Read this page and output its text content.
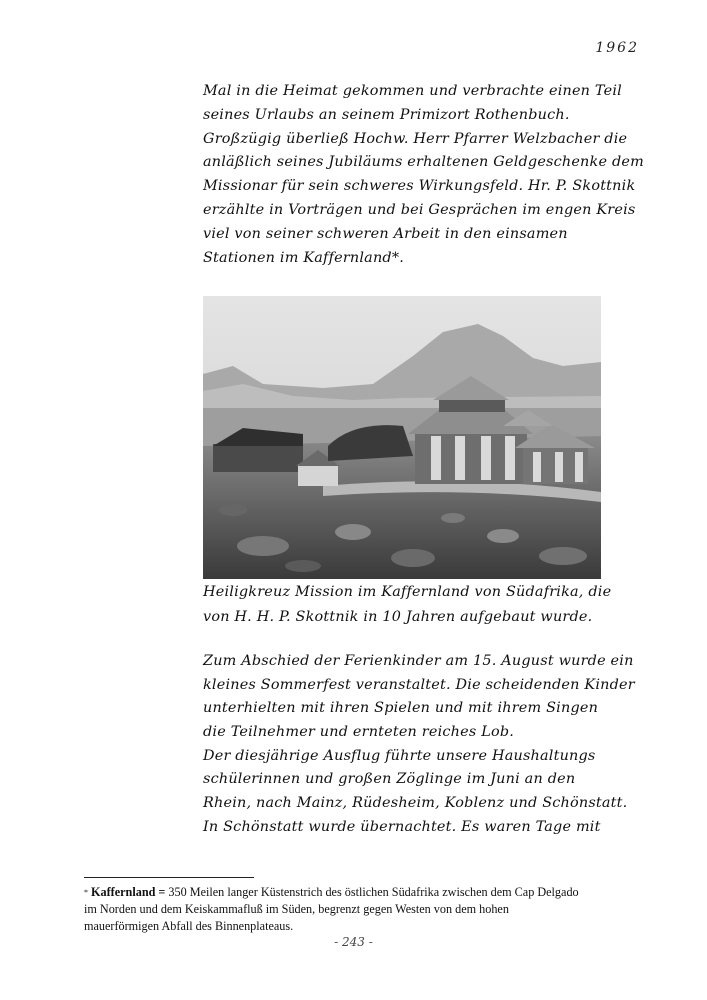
1962
Mal in die Heimat gekommen und verbrachte einen Teil
seines Urlaubs an seinem Primizort Rothenbuch.
Großzügig überließ Hochw. Herr Pfarrer Welzbacher die
anläßlich seines Jubiläums erhaltenen Geldgeschenke dem
Missionar für sein schweres Wirkungsfeld. Hr. P. Skottnik
erzählte in Vorträgen und bei Gesprächen im engen Kreis
viel von seiner schweren Arbeit in den einsamen
Stationen im Kaffernland*.
Heiligkreuz Mission im Kaffernland von Südafrika, die
von H. H. P. Skottnik in 10 Jahren aufgebaut wurde.
Zum Abschied der Ferienkinder am 15. August wurde ein
kleines Sommerfest veranstaltet. Die scheidenden Kinder
unterhielten mit ihren Spielen und mit ihrem Singen
die Teilnehmer und ernteten reiches Lob.
Der diesjährige Ausflug führte unsere Haushaltungs
schülerinnen und großen Zöglinge im Juni an den
Rhein, nach Mainz, Rüdesheim, Koblenz und Schönstatt.
In Schönstatt wurde übernachtet. Es waren Tage mit
* Kaffernland = 350 Meilen langer Küstenstrich des östlichen Südafrika zwischen dem Cap Delgado
im Norden und dem Keiskammafluß im Süden, begrenzt gegen Westen von dem hohen
mauerförmigen Abfall des Binnenplateaus.
- 243 -
